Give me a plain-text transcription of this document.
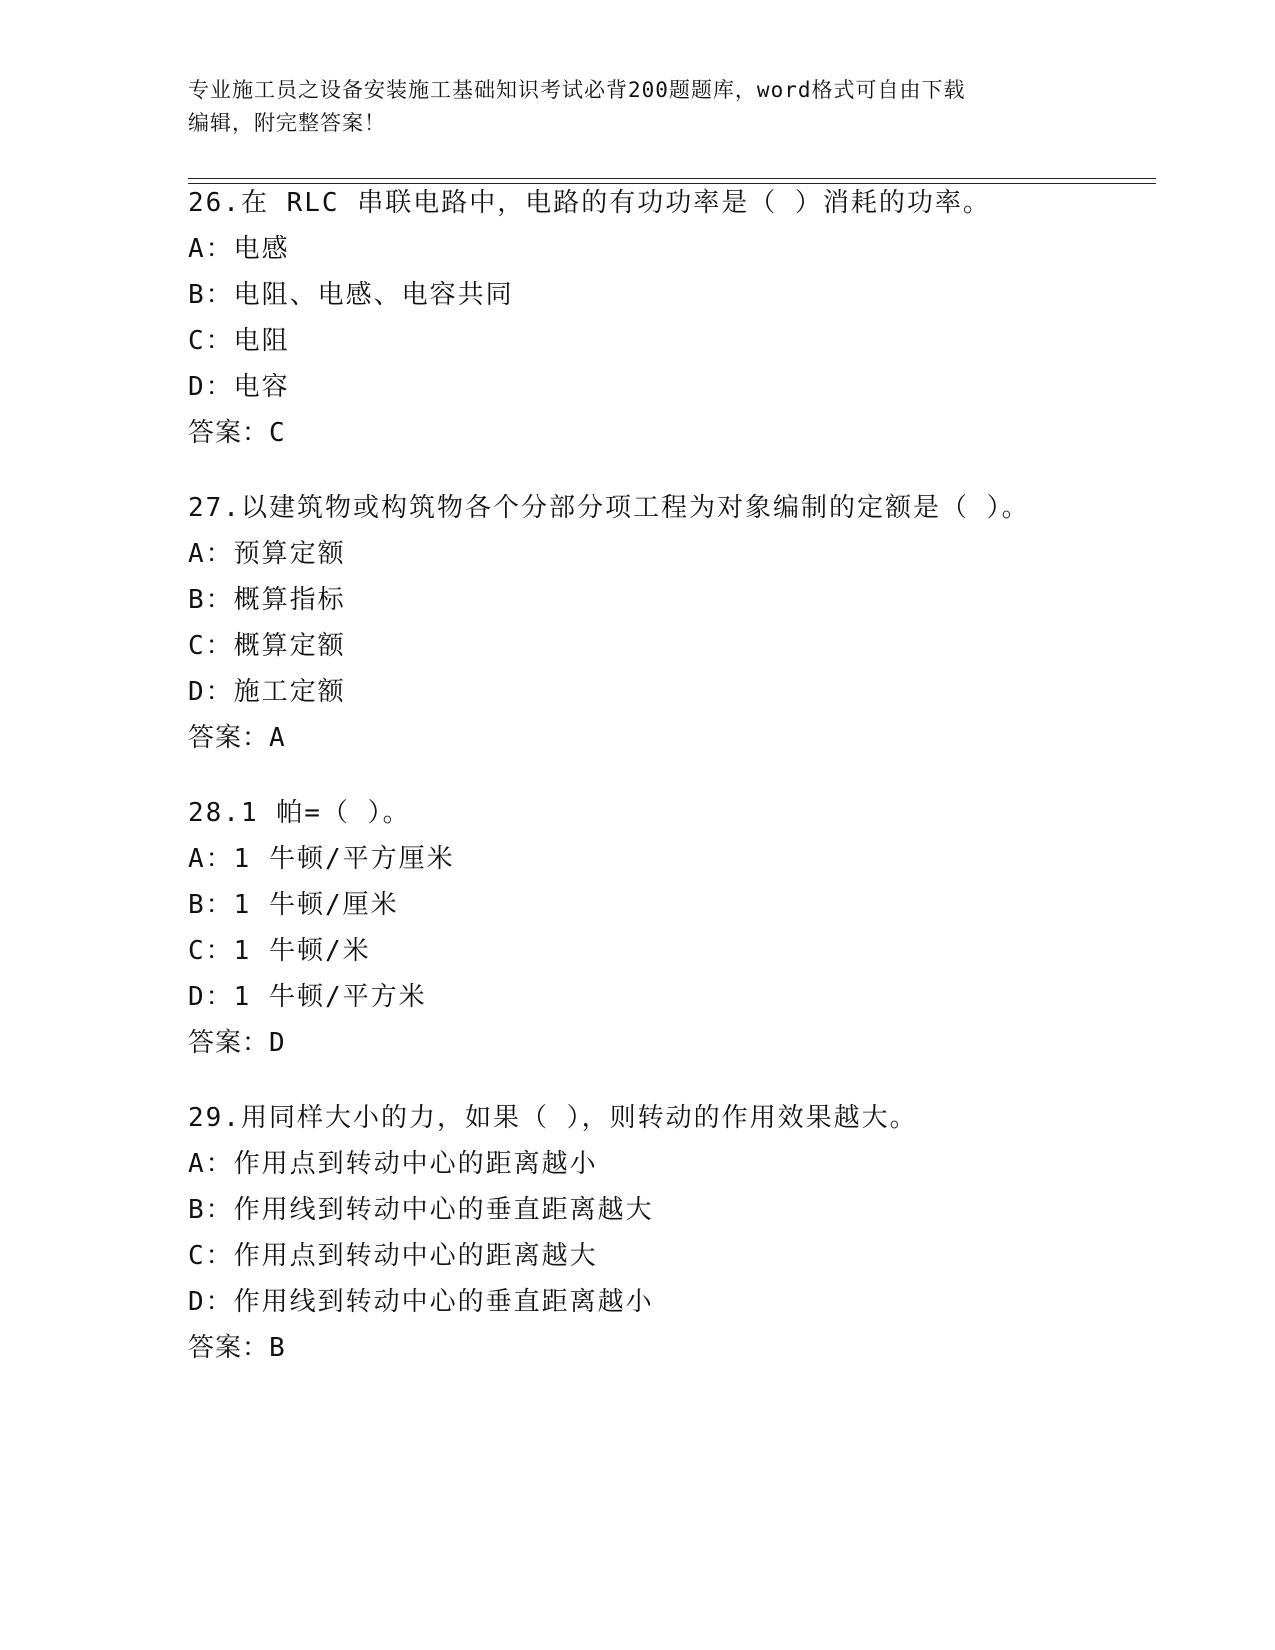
专业施工员之设备安装施工基础知识考试必背200题题库，word格式可自由下载
编辑，附完整答案！
26.在 RLC 串联电路中，电路的有功功率是（ ）消耗的功率。
A：电感
B：电阻、电感、电容共同
C：电阻
D：电容
答案：C
27.以建筑物或构筑物各个分部分项工程为对象编制的定额是（ ）。
A：预算定额
B：概算指标
C：概算定额
D：施工定额
答案：A
28.1 帕=（ ）。
A：1 牛顿/平方厘米
B：1 牛顿/厘米
C：1 牛顿/米
D：1 牛顿/平方米
答案：D
29.用同样大小的力，如果（ ），则转动的作用效果越大。
A：作用点到转动中心的距离越小
B：作用线到转动中心的垂直距离越大
C：作用点到转动中心的距离越大
D：作用线到转动中心的垂直距离越小
答案：B
